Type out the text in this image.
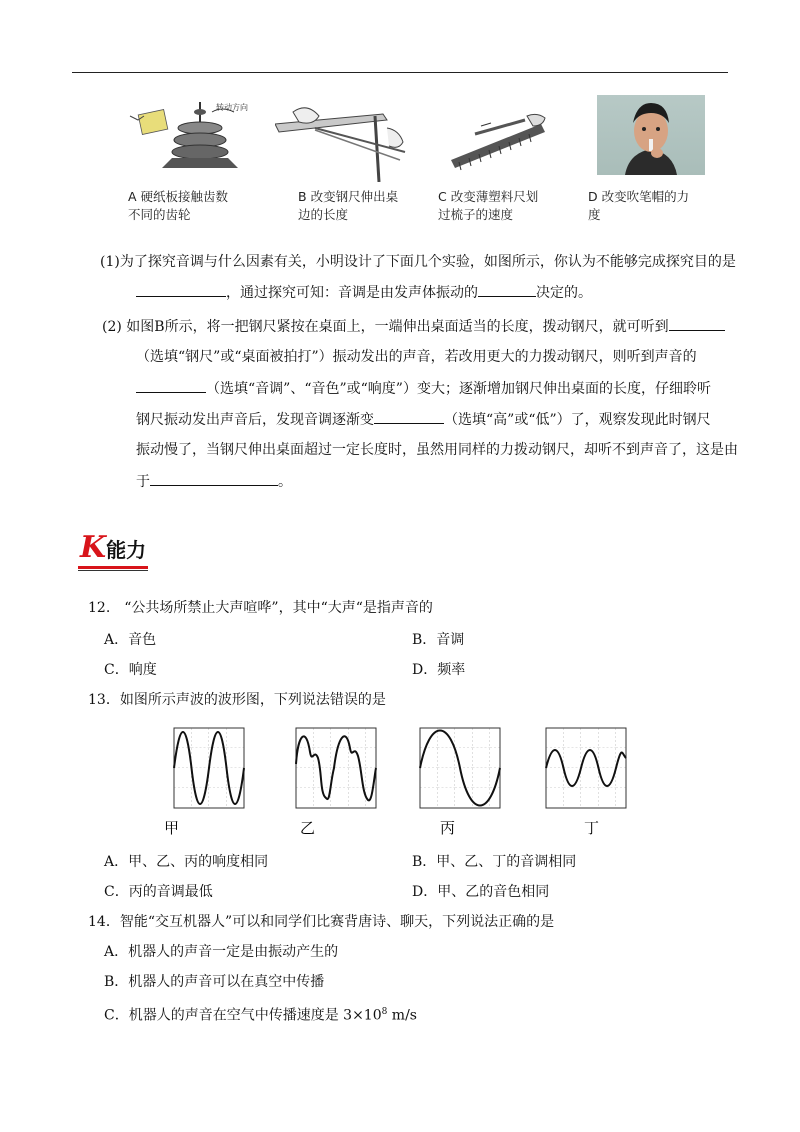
转动方向
A 硬纸板接触齿数
不同的齿轮
B 改变钢尺伸出桌
边的长度
C 改变薄塑料尺划
过梳子的速度
D 改变吹笔帽的力
度
(1)为了探究音调与什么因素有关，小明设计了下面几个实验，如图所示，你认为不能够完成探究目的是
，通过探究可知：音调是由发声体振动的	决定的。
(2) 如图B所示，将一把钢尺紧按在桌面上，一端伸出桌面适当的长度，拨动钢尺，就可听到
（选填“钢尺”或“桌面被拍打”）振动发出的声音，若改用更大的力拨动钢尺，则听到声音的
（选填“音调”、“音色”或“响度”）变大；逐渐增加钢尺伸出桌面的长度，仔细聆听
钢尺振动发出声音后，发现音调逐渐变	（选填“高”或“低”）了，观察发现此时钢尺
振动慢了，当钢尺伸出桌面超过一定长度时，虽然用同样的力拨动钢尺，却听不到声音了，这是由
于	。
K能力
12.　“公共场所禁止大声喧哗”，其中“大声“是指声音的
A．音色	B．音调
C．响度	D．频率
13．如图所示声波的波形图，下列说法错误的是
甲	乙	丙	丁
A．甲、乙、丙的响度相同	B．甲、乙、丁的音调相同
C．丙的音调最低	D．甲、乙的音色相同
14．智能“交互机器人”可以和同学们比赛背唐诗、聊天，下列说法正确的是
A．机器人的声音一定是由振动产生的
B．机器人的声音可以在真空中传播
C．机器人的声音在空气中传播速度是 $3\times 10^8$ m/s
